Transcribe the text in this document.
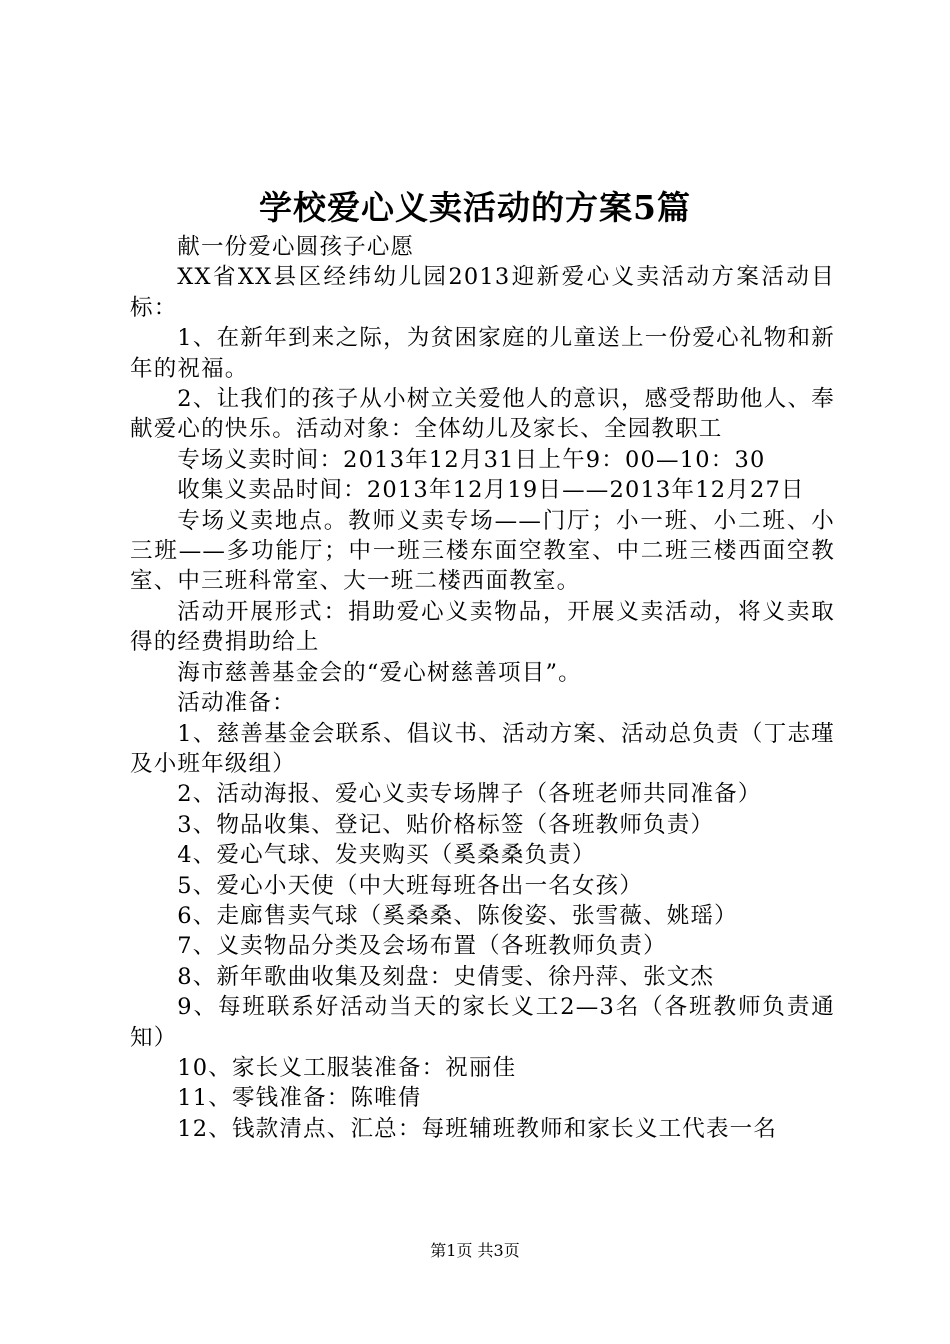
学校爱心义卖活动的方案5篇

献一份爱心圆孩子心愿

XX省XX县区经纬幼儿园2013迎新爱心义卖活动方案活动目标：

1、在新年到来之际，为贫困家庭的儿童送上一份爱心礼物和新年的祝福。

2、让我们的孩子从小树立关爱他人的意识，感受帮助他人、奉献爱心的快乐。活动对象：全体幼儿及家长、全园教职工

专场义卖时间：2013年12月31日上午9：00—10：30

收集义卖品时间：2013年12月19日——2013年12月27日

专场义卖地点。教师义卖专场——门厅；小一班、小二班、小三班——多功能厅；中一班三楼东面空教室、中二班三楼西面空教室、中三班科常室、大一班二楼西面教室。

活动开展形式：捐助爱心义卖物品，开展义卖活动，将义卖取得的经费捐助给上

海市慈善基金会的“爱心树慈善项目”。

活动准备：

1、慈善基金会联系、倡议书、活动方案、活动总负责（丁志瑾及小班年级组）

2、活动海报、爱心义卖专场牌子（各班老师共同准备）

3、物品收集、登记、贴价格标签（各班教师负责）

4、爱心气球、发夹购买（奚桑桑负责）

5、爱心小天使（中大班每班各出一名女孩）

6、走廊售卖气球（奚桑桑、陈俊姿、张雪薇、姚瑶）

7、义卖物品分类及会场布置（各班教师负责）

8、新年歌曲收集及刻盘：史倩雯、徐丹萍、张文杰

9、每班联系好活动当天的家长义工2—3名（各班教师负责通知）

10、家长义工服装准备：祝丽佳

11、零钱准备：陈唯倩

12、钱款清点、汇总：每班辅班教师和家长义工代表一名

第1页 共3页
